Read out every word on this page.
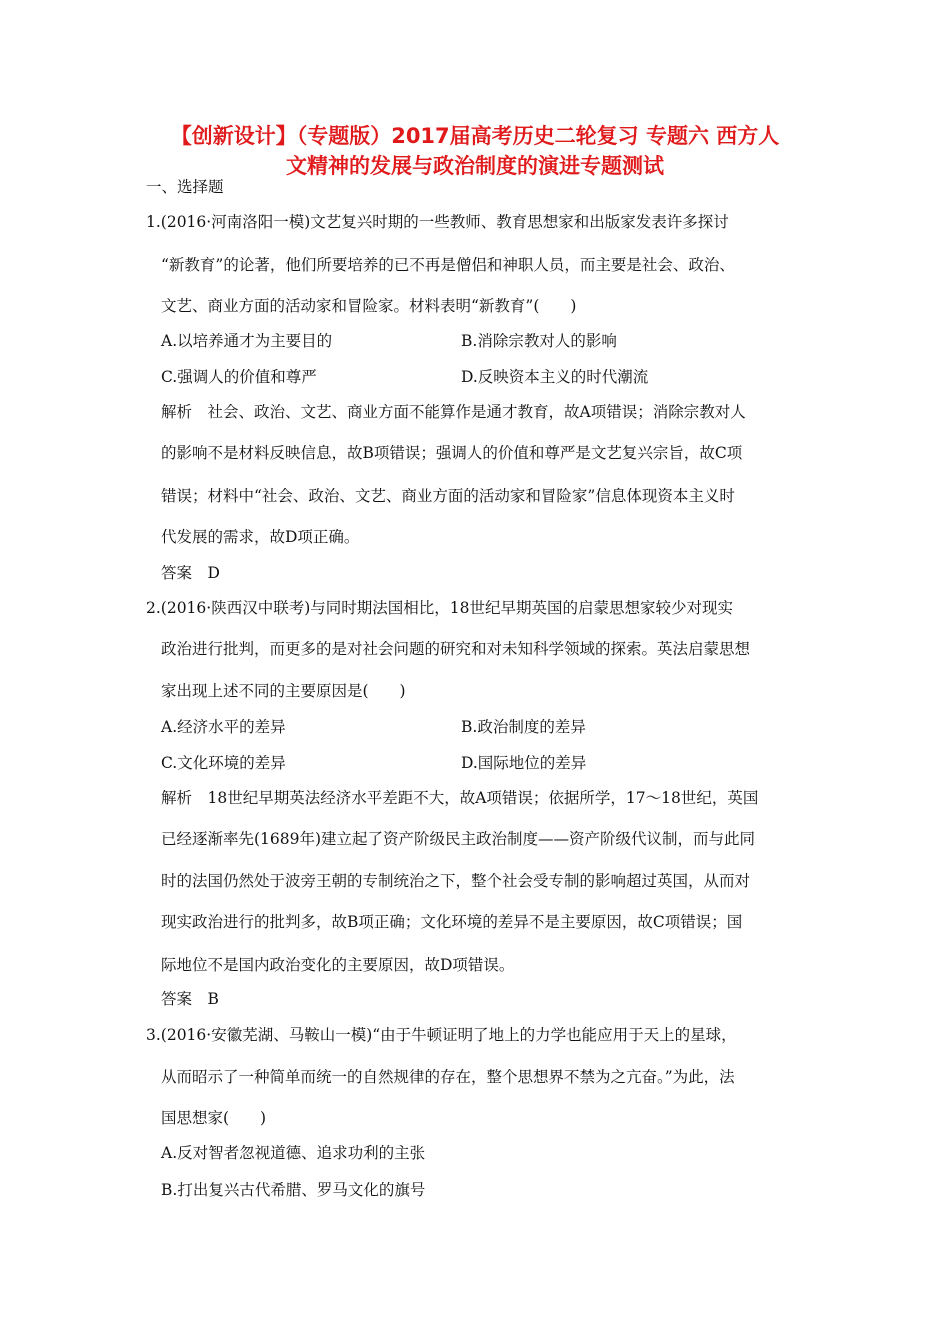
【创新设计】（专题版）2017届高考历史二轮复习 专题六 西方人
文精神的发展与政治制度的演进专题测试
一、选择题
1.(2016·河南洛阳一模)文艺复兴时期的一些教师、教育思想家和出版家发表许多探讨
“新教育”的论著，他们所要培养的已不再是僧侣和神职人员，而主要是社会、政治、
文艺、商业方面的活动家和冒险家。材料表明“新教育”(　　)
A.以培养通才为主要目的	B.消除宗教对人的影响
C.强调人的价值和尊严	D.反映资本主义的时代潮流
解析　社会、政治、文艺、商业方面不能算作是通才教育，故A项错误；消除宗教对人
的影响不是材料反映信息，故B项错误；强调人的价值和尊严是文艺复兴宗旨，故C项
错误；材料中“社会、政治、文艺、商业方面的活动家和冒险家”信息体现资本主义时
代发展的需求，故D项正确。
答案　D
2.(2016·陕西汉中联考)与同时期法国相比，18世纪早期英国的启蒙思想家较少对现实
政治进行批判，而更多的是对社会问题的研究和对未知科学领域的探索。英法启蒙思想
家出现上述不同的主要原因是(　　)
A.经济水平的差异	B.政治制度的差异
C.文化环境的差异	D.国际地位的差异
解析　18世纪早期英法经济水平差距不大，故A项错误；依据所学，17～18世纪，英国
已经逐渐率先(1689年)建立起了资产阶级民主政治制度——资产阶级代议制，而与此同
时的法国仍然处于波旁王朝的专制统治之下，整个社会受专制的影响超过英国，从而对
现实政治进行的批判多，故B项正确；文化环境的差异不是主要原因，故C项错误；国
际地位不是国内政治变化的主要原因，故D项错误。
答案　B
3.(2016·安徽芜湖、马鞍山一模)“由于牛顿证明了地上的力学也能应用于天上的星球，
从而昭示了一种简单而统一的自然规律的存在，整个思想界不禁为之亢奋。”为此，法
国思想家(　　)
A.反对智者忽视道德、追求功利的主张
B.打出复兴古代希腊、罗马文化的旗号
